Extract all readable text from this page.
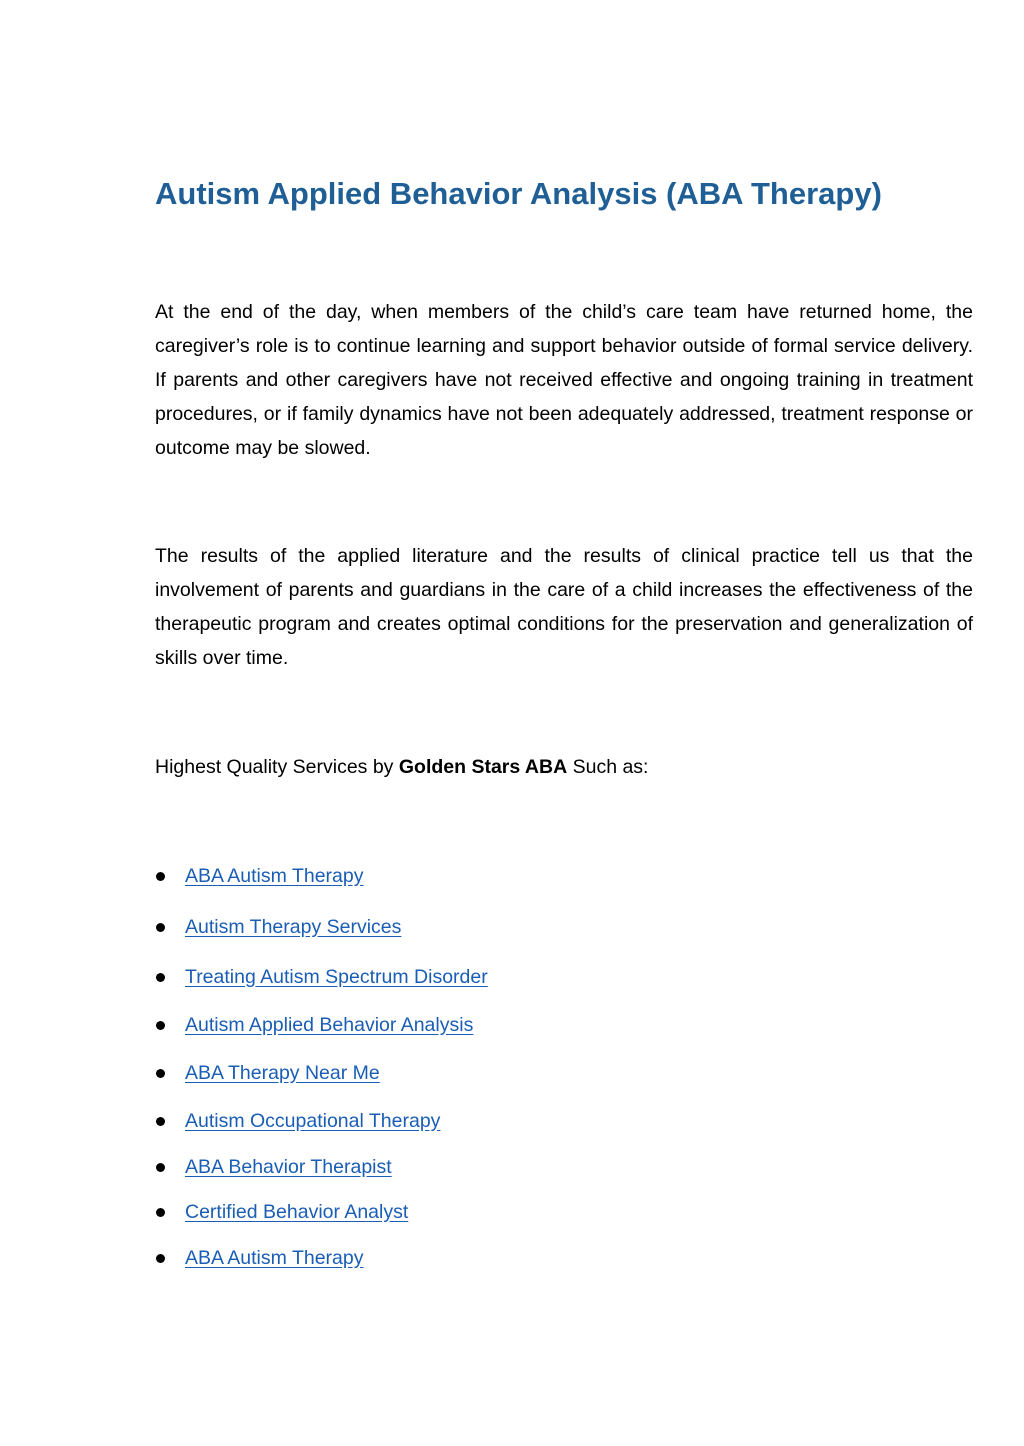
Autism Applied Behavior Analysis (ABA Therapy)

At the end of the day, when members of the child’s care team have returned home, the caregiver’s role is to continue learning and support behavior outside of formal service delivery. If parents and other caregivers have not received effective and ongoing training in treatment procedures, or if family dynamics have not been adequately addressed, treatment response or outcome may be slowed.

The results of the applied literature and the results of clinical practice tell us that the involvement of parents and guardians in the care of a child increases the effectiveness of the therapeutic program and creates optimal conditions for the preservation and generalization of skills over time.

Highest Quality Services by Golden Stars ABA Such as:

ABA Autism Therapy
Autism Therapy Services
Treating Autism Spectrum Disorder
Autism Applied Behavior Analysis
ABA Therapy Near Me
Autism Occupational Therapy
ABA Behavior Therapist
Certified Behavior Analyst
ABA Autism Therapy
